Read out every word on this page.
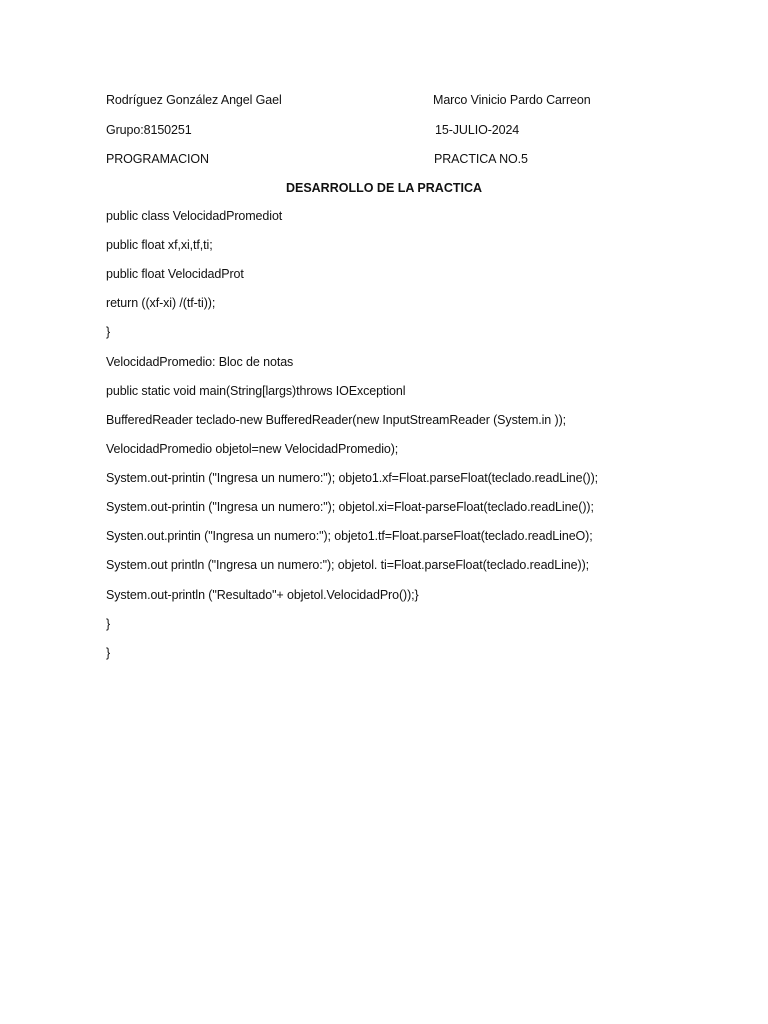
Rodríguez González Angel Gael	Marco Vinicio Pardo Carreon
Grupo:8150251	15-JULIO-2024
PROGRAMACION	PRACTICA NO.5
DESARROLLO DE LA PRACTICA
public class VelocidadPromediot
public float xf,xi,tf,ti;
public float VelocidadProt
return ((xf-xi) /(tf-ti));
}
VelocidadPromedio: Bloc de notas
public static void main(String[largs)throws IOExceptionl
BufferedReader teclado-new BufferedReader(new InputStreamReader (System.in ));
VelocidadPromedio objetol=new VelocidadPromedio);
System.out-printin ("Ingresa un numero:"); objeto1.xf=Float.parseFloat(teclado.readLine());
System.out-printin ("Ingresa un numero:"); objetol.xi=Float-parseFloat(teclado.readLine());
Systen.out.printin ("Ingresa un numero:"); objeto1.tf=Float.parseFloat(teclado.readLineO);
System.out println ("Ingresa un numero:"); objetol. ti=Float.parseFloat(teclado.readLine));
System.out-println ("Resultado"+ objetol.VelocidadPro());}
}
}
